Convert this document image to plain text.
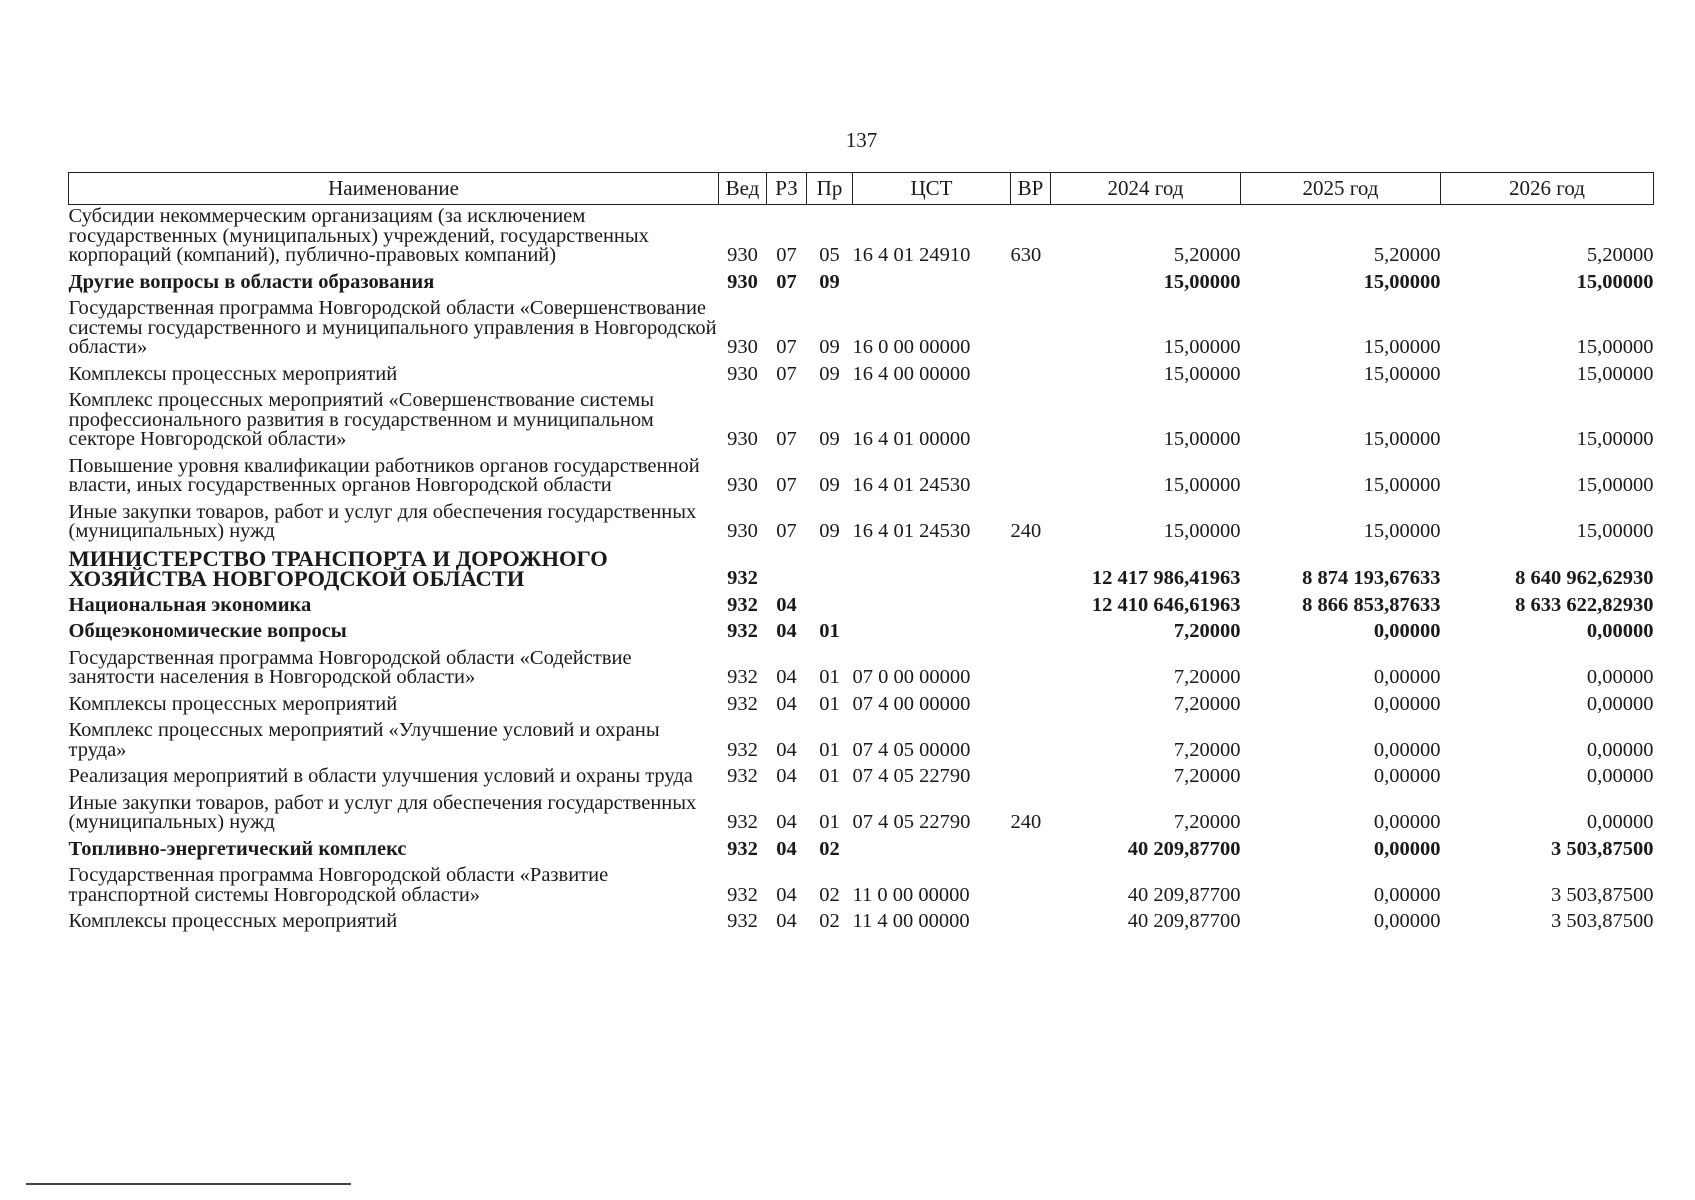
137
Наименование	Вед	РЗ	Пр	ЦСТ	ВР	2024 год	2025 год	2026 год
Субсидии некоммерческим организациям (за исключением государственных (муниципальных) учреждений, государственных корпораций (компаний), публично-правовых компаний)	930	07	05	16 4 01 24910	630	5,20000	5,20000	5,20000
Другие вопросы в области образования	930	07	09			15,00000	15,00000	15,00000
Государственная программа Новгородской области «Совершенствование системы государственного и муниципального управления в Новгородской области»	930	07	09	16 0 00 00000		15,00000	15,00000	15,00000
Комплексы процессных мероприятий	930	07	09	16 4 00 00000		15,00000	15,00000	15,00000
Комплекс процессных мероприятий «Совершенствование системы профессионального развития в государственном и муниципальном секторе Новгородской области»	930	07	09	16 4 01 00000		15,00000	15,00000	15,00000
Повышение уровня квалификации работников органов государственной власти, иных государственных органов Новгородской области	930	07	09	16 4 01 24530		15,00000	15,00000	15,00000
Иные закупки товаров, работ и услуг для обеспечения государственных (муниципальных) нужд	930	07	09	16 4 01 24530	240	15,00000	15,00000	15,00000
МИНИСТЕРСТВО ТРАНСПОРТА И ДОРОЖНОГО ХОЗЯЙСТВА НОВГОРОДСКОЙ ОБЛАСТИ	932					12 417 986,41963	8 874 193,67633	8 640 962,62930
Национальная экономика	932	04				12 410 646,61963	8 866 853,87633	8 633 622,82930
Общеэкономические вопросы	932	04	01			7,20000	0,00000	0,00000
Государственная программа Новгородской области «Содействие занятости населения в Новгородской области»	932	04	01	07 0 00 00000		7,20000	0,00000	0,00000
Комплексы процессных мероприятий	932	04	01	07 4 00 00000		7,20000	0,00000	0,00000
Комплекс процессных мероприятий «Улучшение условий и охраны труда»	932	04	01	07 4 05 00000		7,20000	0,00000	0,00000
Реализация мероприятий в области улучшения условий и охраны труда	932	04	01	07 4 05 22790		7,20000	0,00000	0,00000
Иные закупки товаров, работ и услуг для обеспечения государственных (муниципальных) нужд	932	04	01	07 4 05 22790	240	7,20000	0,00000	0,00000
Топливно-энергетический комплекс	932	04	02			40 209,87700	0,00000	3 503,87500
Государственная программа Новгородской области «Развитие транспортной системы Новгородской области»	932	04	02	11 0 00 00000		40 209,87700	0,00000	3 503,87500
Комплексы процессных мероприятий	932	04	02	11 4 00 00000		40 209,87700	0,00000	3 503,87500
